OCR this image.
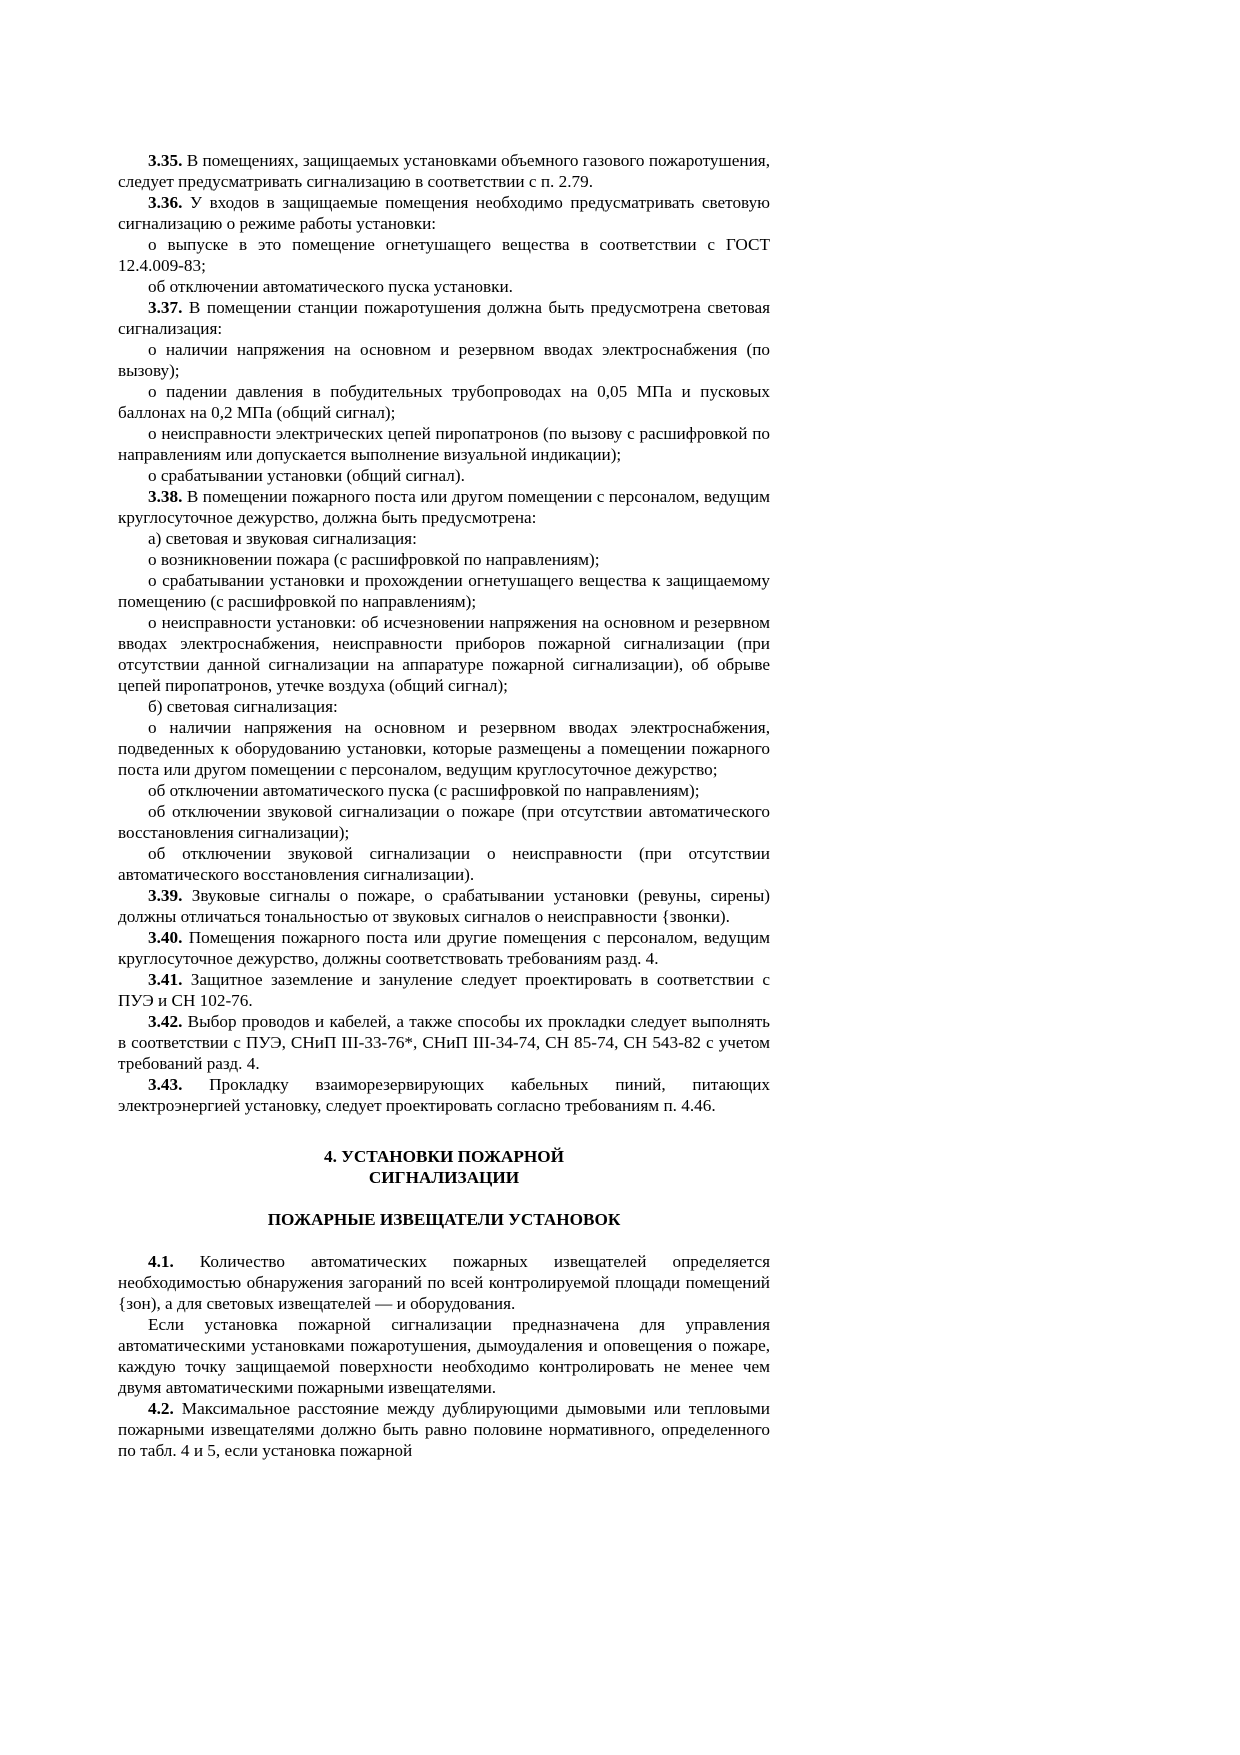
3.35. В помещениях, защищаемых установками объемного газового пожаротушения, следует предусматривать сигнализацию в соответствии с п. 2.79.

3.36. У входов в защищаемые помещения необходимо предусматривать световую сигнализацию о режиме работы установки:

о выпуске в это помещение огнетушащего вещества в соответствии с ГОСТ 12.4.009-83;

об отключении автоматического пуска установки.

3.37. В помещении станции пожаротушения должна быть предусмотрена световая сигнализация:

о наличии напряжения на основном и резервном вводах электроснабжения (по вызову);

о падении давления в побудительных трубопроводах на 0,05 МПа и пусковых баллонах на 0,2 МПа (общий сигнал);

о неисправности электрических цепей пиропатронов (по вызову с расшифровкой по направлениям или допускается выполнение визуальной индикации);

о срабатывании установки (общий сигнал).

3.38. В помещении пожарного поста или другом помещении с персоналом, ведущим круглосуточное дежурство, должна быть предусмотрена:

а) световая и звуковая сигнализация:

о возникновении пожара (с расшифровкой по направлениям);

о срабатывании установки и прохождении огнетушащего вещества к защищаемому помещению (с расшифровкой по направлениям);

о неисправности установки: об исчезновении напряжения на основном и резервном вводах электроснабжения, неисправности приборов пожарной сигнализации (при отсутствии данной сигнализации на аппаратуре пожарной сигнализации), об обрыве цепей пиропатронов, утечке воздуха (общий сигнал);

б) световая сигнализация:

о наличии напряжения на основном и резервном вводах электроснабжения, подведенных к оборудованию установки, которые размещены а помещении пожарного поста или другом помещении с персоналом, ведущим круглосуточное дежурство;

об отключении автоматического пуска (с расшифровкой по направлениям);

об отключении звуковой сигнализации о пожаре (при отсутствии автоматического восстановления сигнализации);

об отключении звуковой сигнализации о неисправности (при отсутствии автоматического восстановления сигнализации).

3.39. Звуковые сигналы о пожаре, о срабатывании установки (ревуны, сирены) должны отличаться тональностью от звуковых сигналов о неисправности {звонки).

3.40. Помещения пожарного поста или другие помещения с персоналом, ведущим круглосуточное дежурство, должны соответствовать требованиям разд. 4.

3.41. Защитное заземление и зануление следует проектировать в соответствии с ПУЭ и СН 102-76.

3.42. Выбор проводов и кабелей, а также способы их прокладки следует выполнять в соответствии с ПУЭ, СНиП III-33-76*, СНиП III-34-74, СН 85-74, СН 543-82 с учетом требований разд. 4.

3.43. Прокладку взаиморезервирующих кабельных пиний, питающих электроэнергией установку, следует проектировать согласно требованиям п. 4.46.

4. УСТАНОВКИ ПОЖАРНОЙ СИГНАЛИЗАЦИИ

ПОЖАРНЫЕ ИЗВЕЩАТЕЛИ УСТАНОВОК

4.1. Количество автоматических пожарных извещателей определяется необходимостью обнаружения загораний по всей контролируемой площади помещений {зон), а для световых извещателей — и оборудования.

Если установка пожарной сигнализации предназначена для управления автоматическими установками пожаротушения, дымоудаления и оповещения о пожаре, каждую точку защищаемой поверхности необходимо контролировать не менее чем двумя автоматическими пожарными извещателями.

4.2. Максимальное расстояние между дублирующими дымовыми или тепловыми пожарными извещателями должно быть равно половине нормативного, определенного по табл. 4 и 5, если установка пожарной
